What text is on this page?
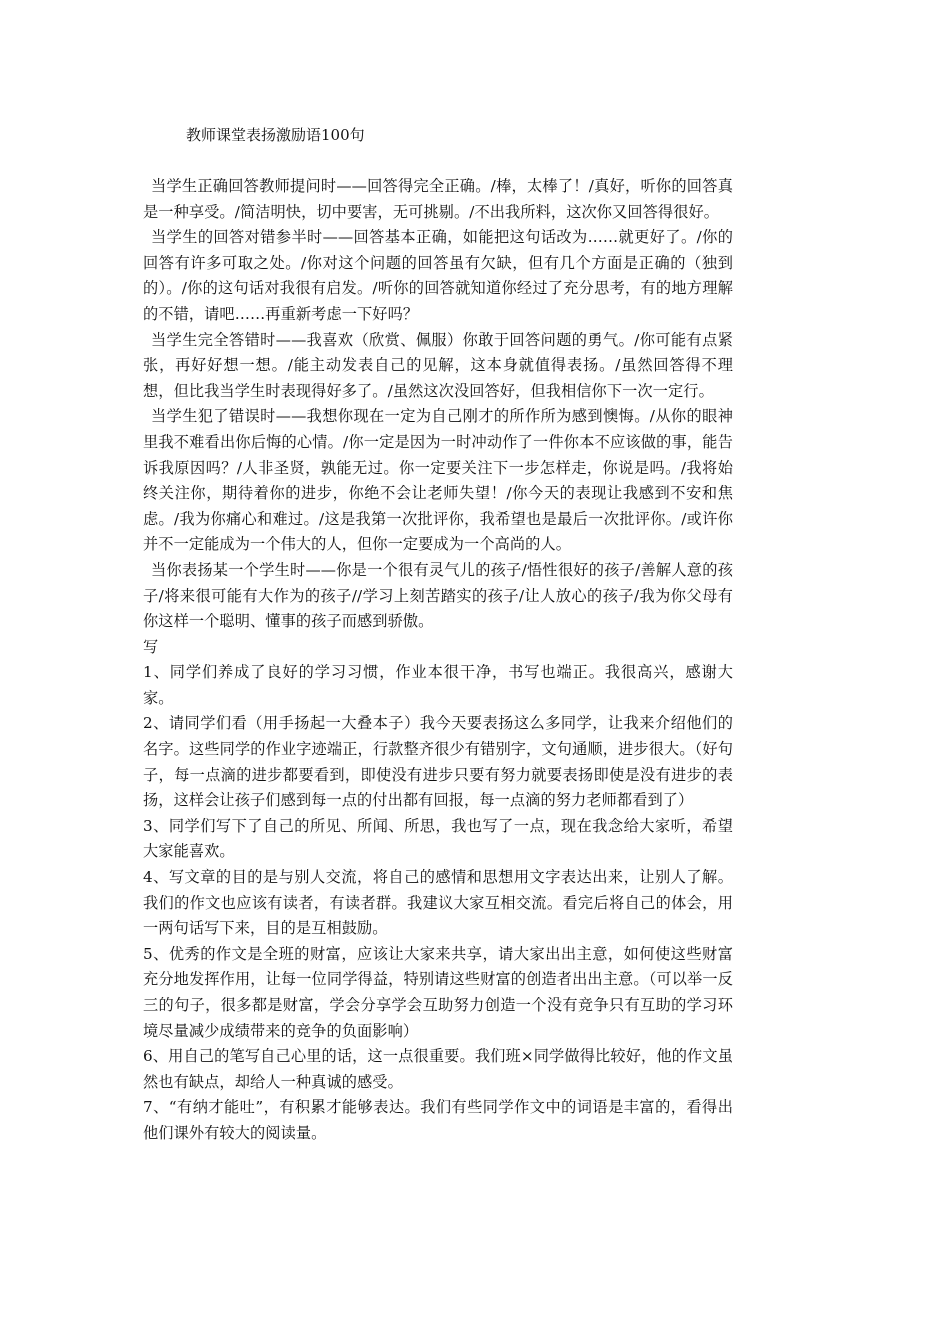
教师课堂表扬激励语100句

当学生正确回答教师提问时——回答得完全正确。/棒，太棒了！/真好，听你的回答真是一种享受。/简洁明快，切中要害，无可挑剔。/不出我所料，这次你又回答得很好。

当学生的回答对错参半时——回答基本正确，如能把这句话改为……就更好了。/你的回答有许多可取之处。/你对这个问题的回答虽有欠缺，但有几个方面是正确的（独到的）。/你的这句话对我很有启发。/听你的回答就知道你经过了充分思考，有的地方理解的不错，请吧……再重新考虑一下好吗？

当学生完全答错时——我喜欢（欣赏、佩服）你敢于回答问题的勇气。/你可能有点紧张，再好好想一想。/能主动发表自己的见解，这本身就值得表扬。/虽然回答得不理想，但比我当学生时表现得好多了。/虽然这次没回答好，但我相信你下一次一定行。

当学生犯了错误时——我想你现在一定为自己刚才的所作所为感到懊悔。/从你的眼神里我不难看出你后悔的心情。/你一定是因为一时冲动作了一件你本不应该做的事，能告诉我原因吗？/人非圣贤，孰能无过。你一定要关注下一步怎样走，你说是吗。/我将始终关注你，期待着你的进步，你绝不会让老师失望！/你今天的表现让我感到不安和焦虑。/我为你痛心和难过。/这是我第一次批评你，我希望也是最后一次批评你。/或许你并不一定能成为一个伟大的人，但你一定要成为一个高尚的人。

当你表扬某一个学生时——你是一个很有灵气儿的孩子/悟性很好的孩子/善解人意的孩子/将来很可能有大作为的孩子//学习上刻苦踏实的孩子/让人放心的孩子/我为你父母有你这样一个聪明、懂事的孩子而感到骄傲。

写

1、同学们养成了良好的学习习惯，作业本很干净，书写也端正。我很高兴，感谢大家。

2、请同学们看（用手扬起一大叠本子）我今天要表扬这么多同学，让我来介绍他们的名字。这些同学的作业字迹端正，行款整齐很少有错别字，文句通顺，进步很大。（好句子，每一点滴的进步都要看到，即使没有进步只要有努力就要表扬即使是没有进步的表扬，这样会让孩子们感到每一点的付出都有回报，每一点滴的努力老师都看到了）

3、同学们写下了自己的所见、所闻、所思，我也写了一点，现在我念给大家听，希望大家能喜欢。

4、写文章的目的是与别人交流，将自己的感情和思想用文字表达出来，让别人了解。我们的作文也应该有读者，有读者群。我建议大家互相交流。看完后将自己的体会，用一两句话写下来，目的是互相鼓励。

5、优秀的作文是全班的财富，应该让大家来共享，请大家出出主意，如何使这些财富充分地发挥作用，让每一位同学得益，特别请这些财富的创造者出出主意。（可以举一反三的句子，很多都是财富，学会分享学会互助努力创造一个没有竞争只有互助的学习环境尽量减少成绩带来的竞争的负面影响）

6、用自己的笔写自己心里的话，这一点很重要。我们班×同学做得比较好，他的作文虽然也有缺点，却给人一种真诚的感受。

7、“有纳才能吐”，有积累才能够表达。我们有些同学作文中的词语是丰富的，看得出他们课外有较大的阅读量。
